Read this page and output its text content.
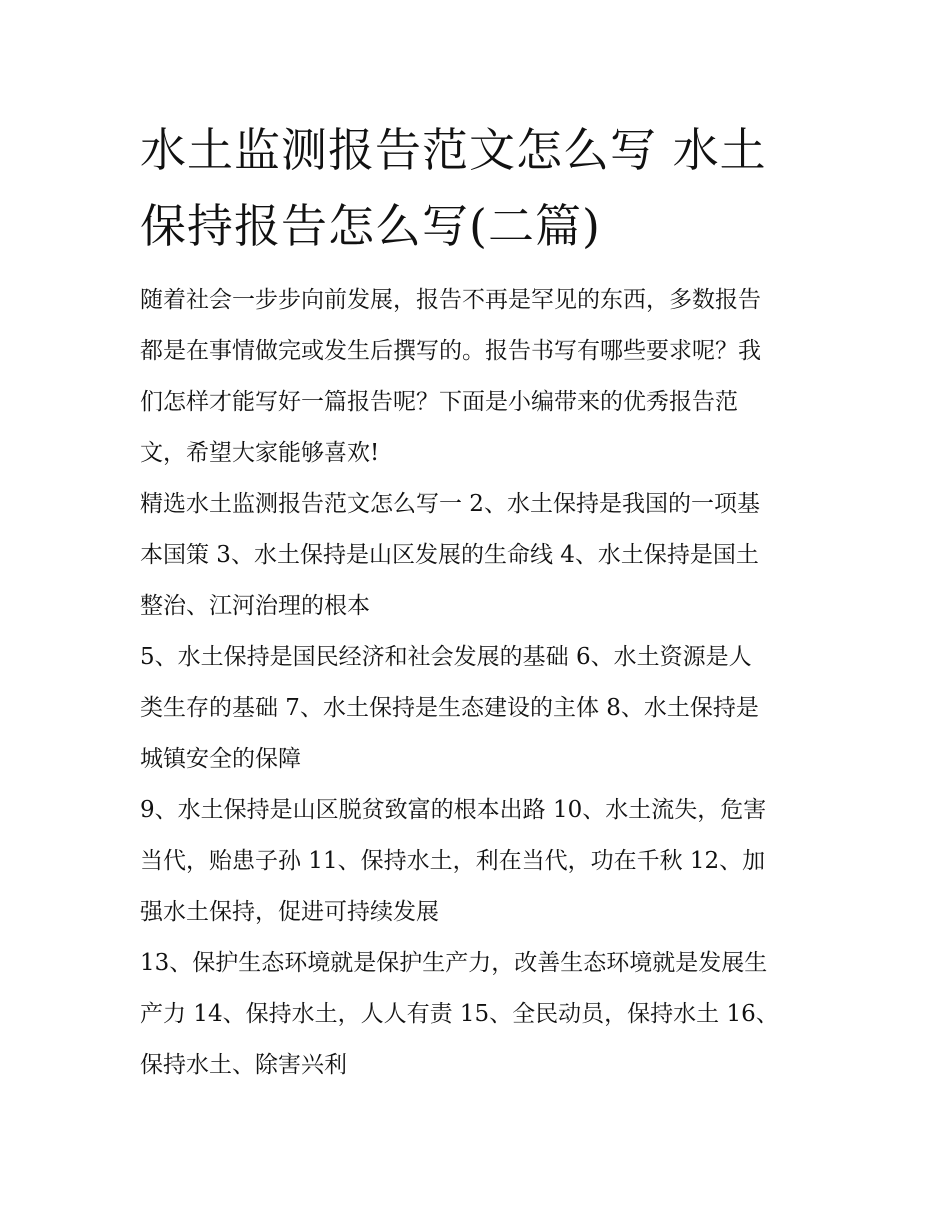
水土监测报告范文怎么写 水土
保持报告怎么写(二篇)

随着社会一步步向前发展，报告不再是罕见的东西，多数报告
都是在事情做完或发生后撰写的。报告书写有哪些要求呢？我
们怎样才能写好一篇报告呢？下面是小编带来的优秀报告范
文，希望大家能够喜欢!

精选水土监测报告范文怎么写一 2、水土保持是我国的一项基
本国策 3、水土保持是山区发展的生命线 4、水土保持是国土
整治、江河治理的根本

5、水土保持是国民经济和社会发展的基础 6、水土资源是人
类生存的基础 7、水土保持是生态建设的主体 8、水土保持是
城镇安全的保障

9、水土保持是山区脱贫致富的根本出路 10、水土流失，危害
当代，贻患子孙 11、保持水土，利在当代，功在千秋 12、加
强水土保持，促进可持续发展

13、保护生态环境就是保护生产力，改善生态环境就是发展生
产力 14、保持水土，人人有责 15、全民动员，保持水土 16、
保持水土、除害兴利
